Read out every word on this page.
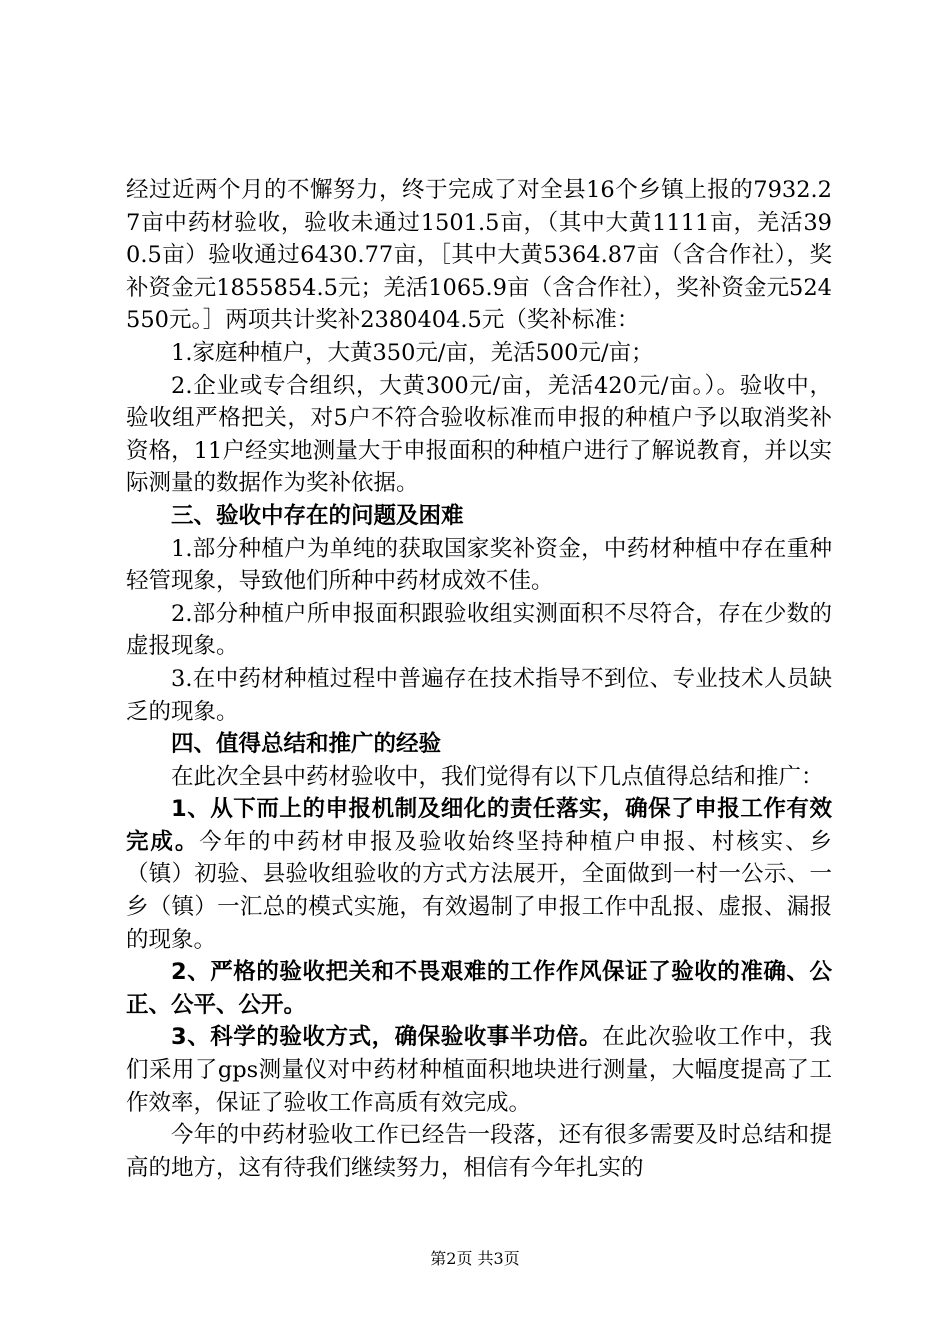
经过近两个月的不懈努力，终于完成了对全县16个乡镇上报的7932.27亩中药材验收，验收未通过1501.5亩，（其中大黄1111亩，羌活390.5亩）验收通过6430.77亩，［其中大黄5364.87亩（含合作社），奖补资金元1855854.5元；羌活1065.9亩（含合作社），奖补资金元524550元。］两项共计奖补2380404.5元（奖补标准：

1.家庭种植户，大黄350元/亩，羌活500元/亩；

2.企业或专合组织，大黄300元/亩，羌活420元/亩。）。验收中，验收组严格把关，对5户不符合验收标准而申报的种植户予以取消奖补资格，11户经实地测量大于申报面积的种植户进行了解说教育，并以实际测量的数据作为奖补依据。

三、验收中存在的问题及困难

1.部分种植户为单纯的获取国家奖补资金，中药材种植中存在重种轻管现象，导致他们所种中药材成效不佳。

2.部分种植户所申报面积跟验收组实测面积不尽符合，存在少数的虚报现象。

3.在中药材种植过程中普遍存在技术指导不到位、专业技术人员缺乏的现象。

四、值得总结和推广的经验

在此次全县中药材验收中，我们觉得有以下几点值得总结和推广：

1、从下而上的申报机制及细化的责任落实，确保了申报工作有效完成。今年的中药材申报及验收始终坚持种植户申报、村核实、乡（镇）初验、县验收组验收的方式方法展开，全面做到一村一公示、一乡（镇）一汇总的模式实施，有效遏制了申报工作中乱报、虚报、漏报的现象。

2、严格的验收把关和不畏艰难的工作作风保证了验收的准确、公正、公平、公开。

3、科学的验收方式，确保验收事半功倍。在此次验收工作中，我们采用了gps测量仪对中药材种植面积地块进行测量，大幅度提高了工作效率，保证了验收工作高质有效完成。

今年的中药材验收工作已经告一段落，还有很多需要及时总结和提高的地方，这有待我们继续努力，相信有今年扎实的

第2页 共3页
